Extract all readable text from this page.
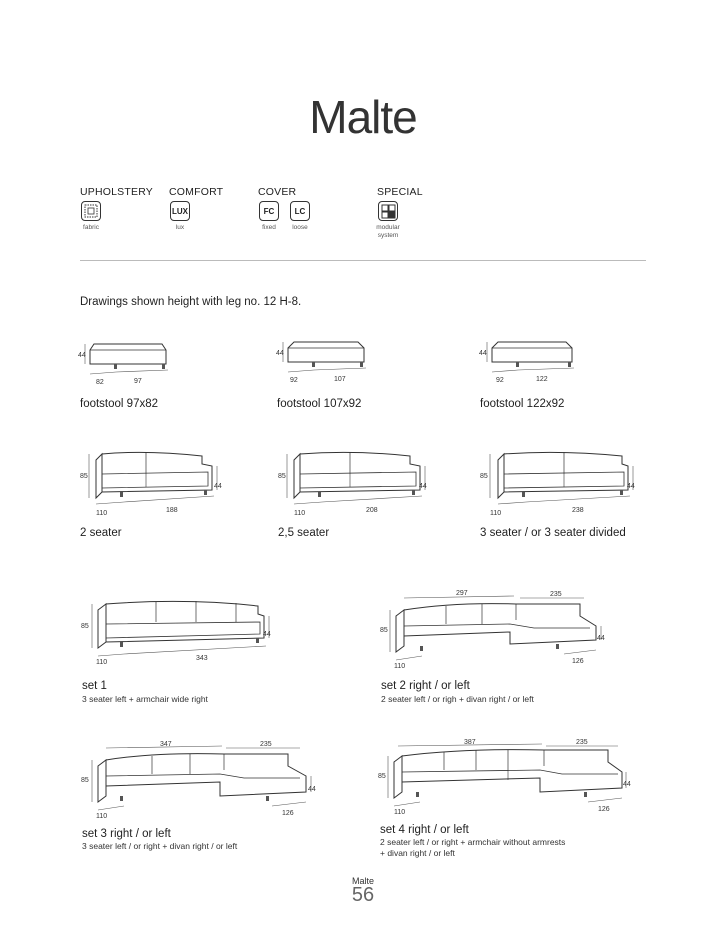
Malte
UPHOLSTERY COMFORT	COVER	SPECIAL
fabric
LUX
lux
FC
fixed
LC
loose	modular
system
Drawings shown height with leg no. 12 H-8.
44
82	97
footstool 97x82
44
92	107
footstool 107x92
44
92	122
footstool 122x92
85
44
110	188
2 seater
85
44
110	208
2,5 seater
85
44
110	238
3 seater / or 3 seater divided
85
44
110
343
set 1
3 seater left + armchair wide right
297	235
85
44
110
126
set 2 right / or left
2 seater left / or righ + divan right / or left
347	235
85
44
110	126
set 3 right / or left
3 seater left / or right + divan right / or left
387	235
85
44
110	126
set 4 right / or left
2 seater left / or right + armchair without armrests
+ divan right / or left
Malte
56
